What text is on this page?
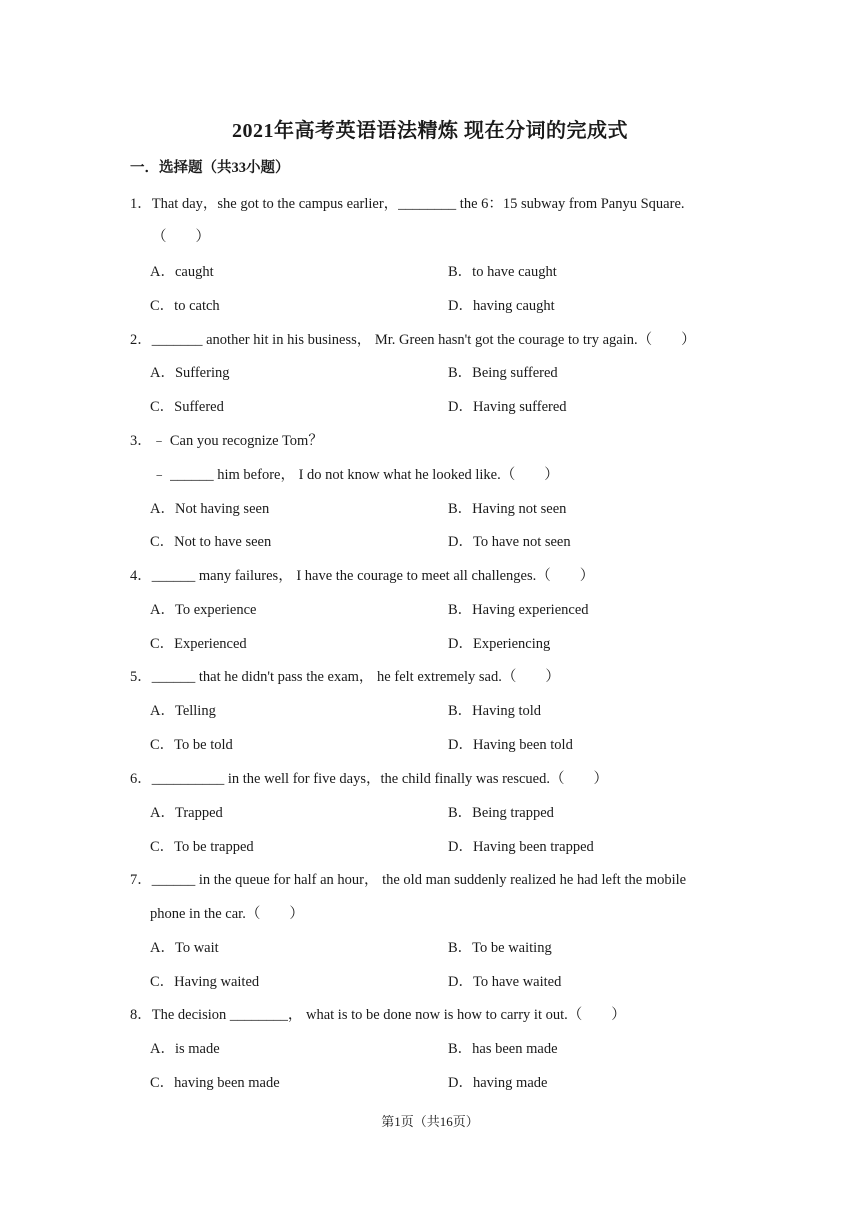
2021年高考英语语法精炼 现在分词的完成式
一．选择题（共33小题）
1．That day，she got to the campus earlier，________ the 6：15 subway from Panyu Square.
（　　）
A．caught	B．to have caught
C．to catch	D．having caught
2．_______ another hit in his business， Mr. Green hasn't got the courage to try again.（　　）
A．Suffering	B．Being suffered
C．Suffered	D．Having suffered
3．﹣ Can you recognize Tom？
﹣ ______ him before， I do not know what he looked like.（　　）
A．Not having seen	B．Having not seen
C．Not to have seen	D．To have not seen
4．______ many failures， I have the courage to meet all challenges.（　　）
A．To experience	B．Having experienced
C．Experienced	D．Experiencing
5．______ that he didn't pass the exam， he felt extremely sad.（　　）
A．Telling	B．Having told
C．To be told	D．Having been told
6．__________ in the well for five days，the child finally was rescued.（　　）
A．Trapped	B．Being trapped
C．To be trapped	D．Having been trapped
7．______ in the queue for half an hour， the old man suddenly realized he had left the mobile
phone in the car.（　　）
A．To wait	B．To be waiting
C．Having waited	D．To have waited
8．The decision ________， what is to be done now is how to carry it out.（　　）
A．is made	B．has been made
C．having been made	D．having made
第1页（共16页）
